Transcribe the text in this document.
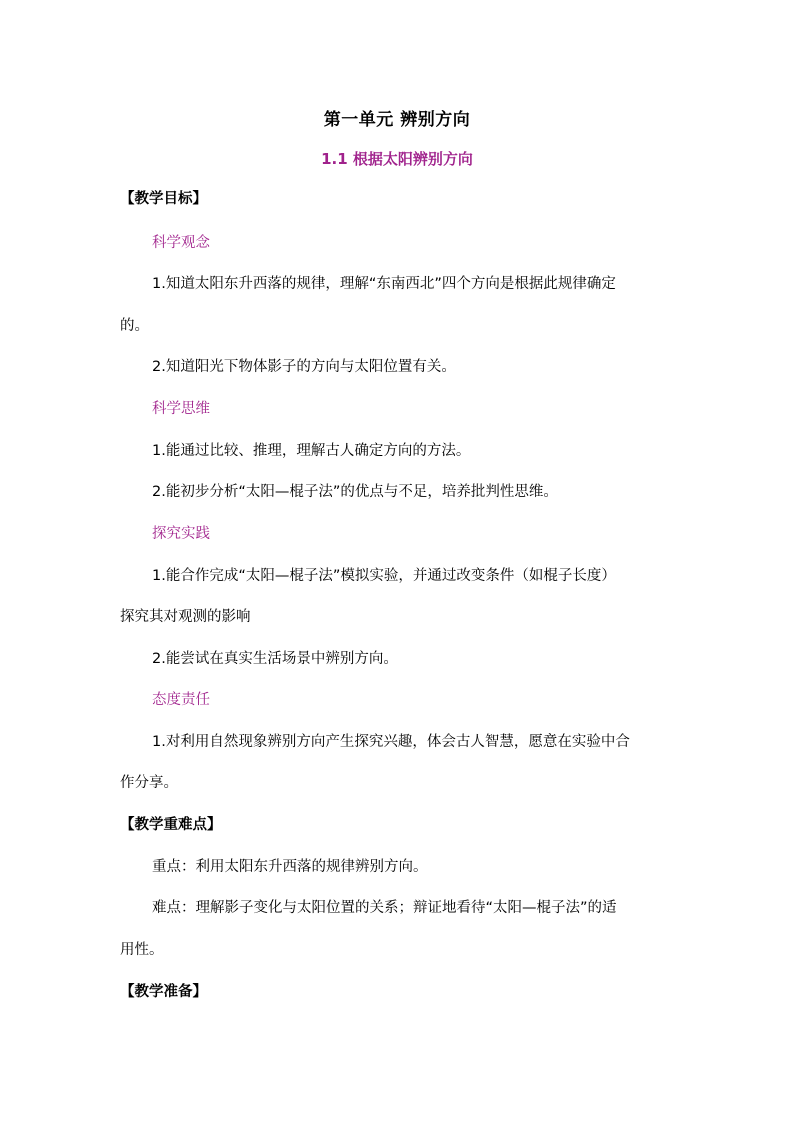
第一单元 辨别方向
1.1 根据太阳辨别方向
【教学目标】
科学观念
1.知道太阳东升西落的规律，理解“东南西北”四个方向是根据此规律确定
的。
2.知道阳光下物体影子的方向与太阳位置有关。
科学思维
1.能通过比较、推理，理解古人确定方向的方法。
2.能初步分析“太阳—棍子法”的优点与不足，培养批判性思维。
探究实践
1.能合作完成“太阳—棍子法”模拟实验，并通过改变条件（如棍子长度）
探究其对观测的影响
2.能尝试在真实生活场景中辨别方向。
态度责任
1.对利用自然现象辨别方向产生探究兴趣，体会古人智慧，愿意在实验中合
作分享。
【教学重难点】
重点：利用太阳东升西落的规律辨别方向。
难点：理解影子变化与太阳位置的关系；辩证地看待“太阳—棍子法”的适
用性。
【教学准备】
